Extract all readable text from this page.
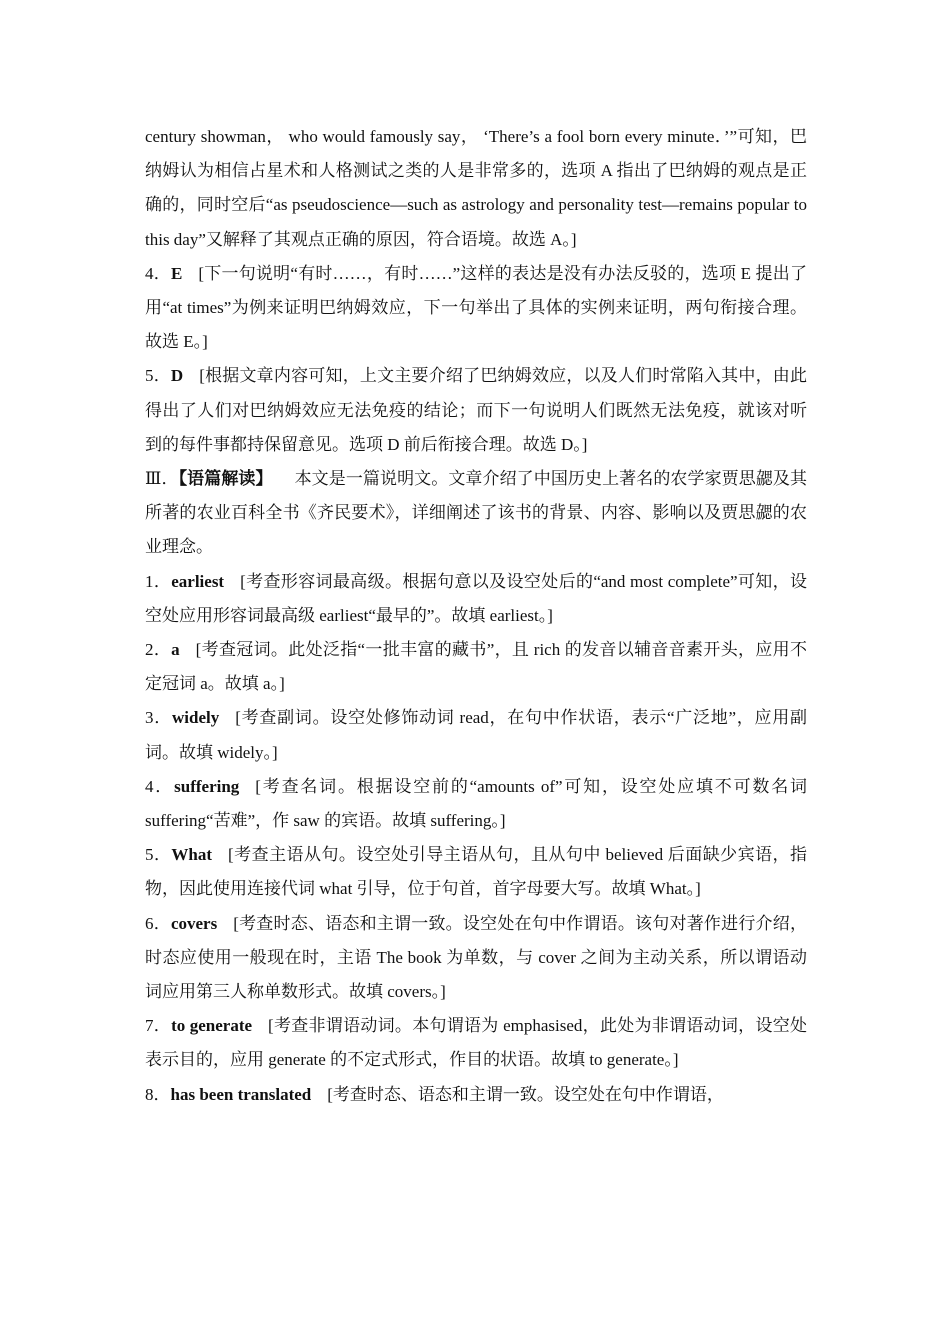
century showman， who would famously say， ‘There’s a fool born every minute．’”可知，巴纳姆认为相信占星术和人格测试之类的人是非常多的，选项 A 指出了巴纳姆的观点是正确的，同时空后“as pseudoscience—such as astrology and personality test—remains popular to this day”又解释了其观点正确的原因，符合语境。故选 A。]

4．E [下一句说明“有时……，有时……”这样的表达是没有办法反驳的，选项 E 提出了用“at times”为例来证明巴纳姆效应，下一句举出了具体的实例来证明，两句衔接合理。故选 E。]

5．D [根据文章内容可知，上文主要介绍了巴纳姆效应，以及人们时常陷入其中，由此得出了人们对巴纳姆效应无法免疫的结论；而下一句说明人们既然无法免疫，就该对听到的每件事都持保留意见。选项 D 前后衔接合理。故选 D。]

Ⅲ．【语篇解读】 本文是一篇说明文。文章介绍了中国历史上著名的农学家贾思勰及其所著的农业百科全书《齐民要术》，详细阐述了该书的背景、内容、影响以及贾思勰的农业理念。

1．earliest [考查形容词最高级。根据句意以及设空处后的“and most complete”可知，设空处应用形容词最高级 earliest“最早的”。故填 earliest。]

2．a [考查冠词。此处泛指“一批丰富的藏书”，且 rich 的发音以辅音音素开头，应用不定冠词 a。故填 a。]

3．widely [考查副词。设空处修饰动词 read，在句中作状语，表示“广泛地”，应用副词。故填 widely。]

4．suffering [考查名词。根据设空前的“amounts of”可知，设空处应填不可数名词 suffering“苦难”，作 saw 的宾语。故填 suffering。]

5．What [考查主语从句。设空处引导主语从句，且从句中 believed 后面缺少宾语，指物，因此使用连接代词 what 引导，位于句首，首字母要大写。故填 What。]

6．covers [考查时态、语态和主谓一致。设空处在句中作谓语。该句对著作进行介绍，时态应使用一般现在时，主语 The book 为单数，与 cover 之间为主动关系，所以谓语动词应用第三人称单数形式。故填 covers。]

7．to generate [考查非谓语动词。本句谓语为 emphasised，此处为非谓语动词，设空处表示目的，应用 generate 的不定式形式，作目的状语。故填 to generate。]

8．has been translated [考查时态、语态和主谓一致。设空处在句中作谓语，
